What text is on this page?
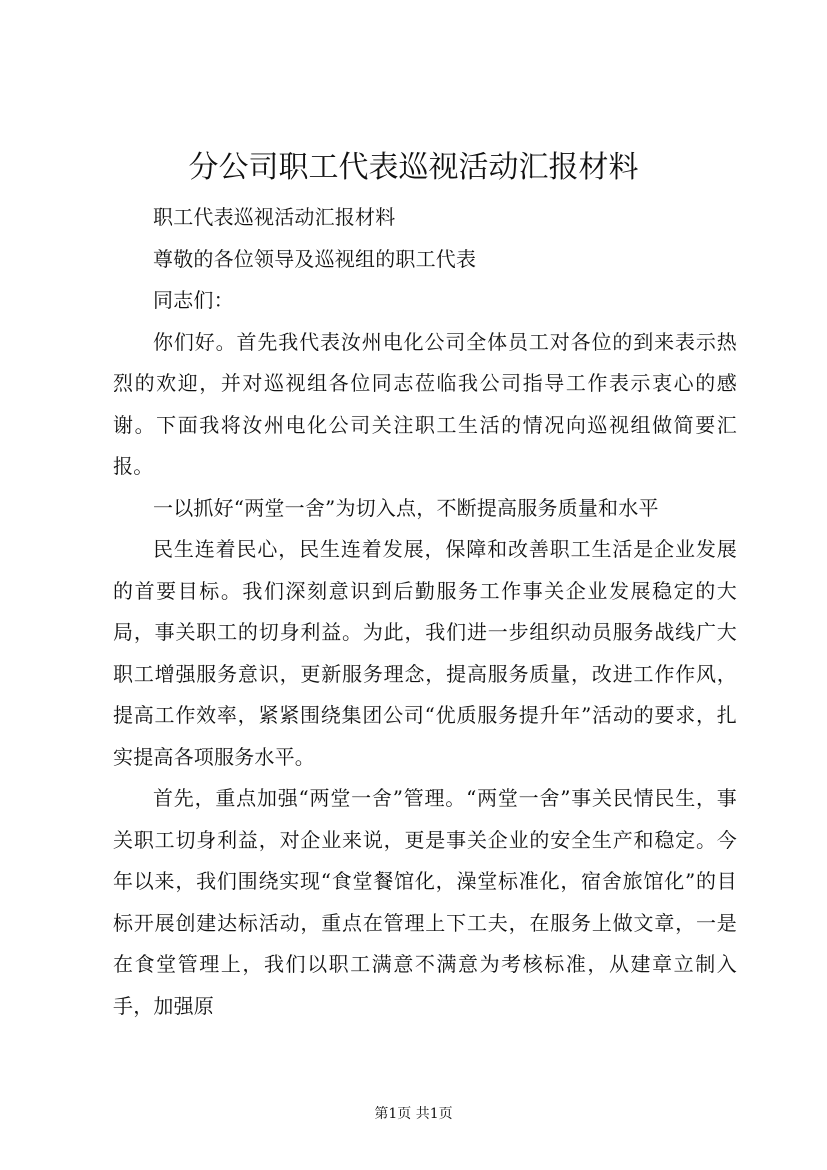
分公司职工代表巡视活动汇报材料

职工代表巡视活动汇报材料

尊敬的各位领导及巡视组的职工代表

同志们：

你们好。首先我代表汝州电化公司全体员工对各位的到来表示热烈的欢迎，并对巡视组各位同志莅临我公司指导工作表示衷心的感谢。下面我将汝州电化公司关注职工生活的情况向巡视组做简要汇报。

一以抓好“两堂一舍”为切入点，不断提高服务质量和水平

民生连着民心，民生连着发展，保障和改善职工生活是企业发展的首要目标。我们深刻意识到后勤服务工作事关企业发展稳定的大局，事关职工的切身利益。为此，我们进一步组织动员服务战线广大职工增强服务意识，更新服务理念，提高服务质量，改进工作作风，提高工作效率，紧紧围绕集团公司“优质服务提升年”活动的要求，扎实提高各项服务水平。

首先，重点加强“两堂一舍”管理。“两堂一舍”事关民情民生，事关职工切身利益，对企业来说，更是事关企业的安全生产和稳定。今年以来，我们围绕实现“食堂餐馆化，澡堂标准化，宿舍旅馆化”的目标开展创建达标活动，重点在管理上下工夫，在服务上做文章，一是在食堂管理上，我们以职工满意不满意为考核标准，从建章立制入手，加强原

第1页 共1页
